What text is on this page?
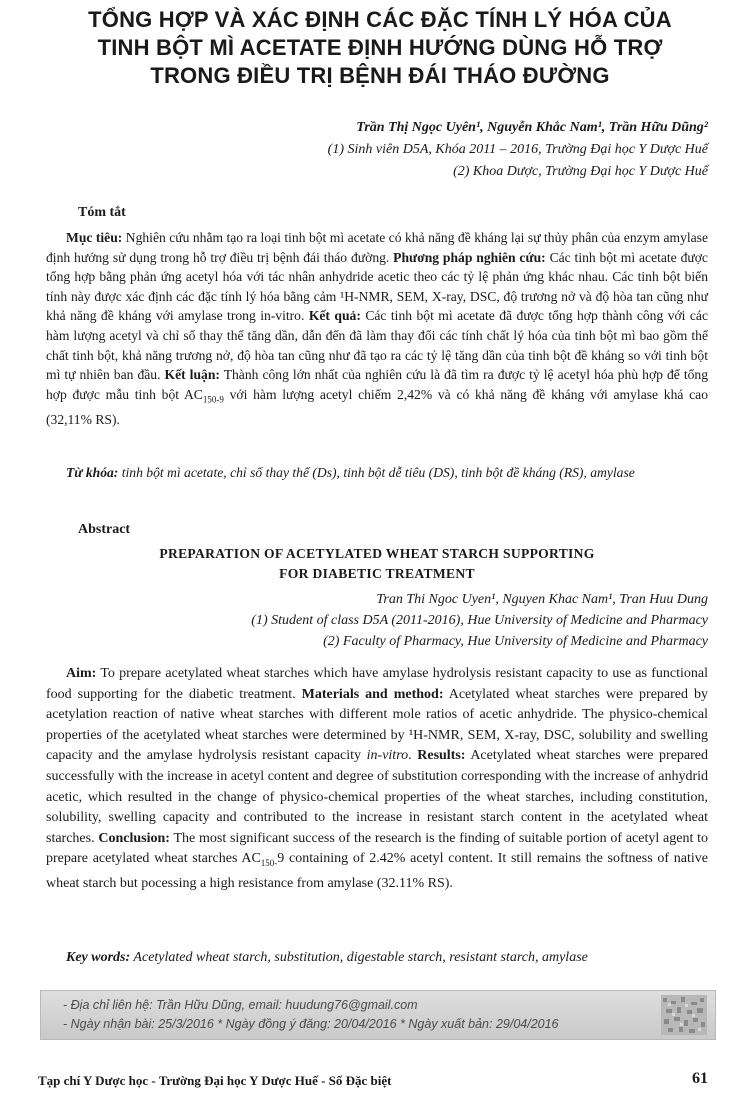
TỔNG HỢP VÀ XÁC ĐỊNH CÁC ĐẶC TÍNH LÝ HÓA CỦA
TINH BỘT MÌ ACETATE ĐỊNH HƯỚNG DÙNG HỖ TRỢ
TRONG ĐIỀU TRỊ BỆNH ĐÁI THÁO ĐƯỜNG
Trần Thị Ngọc Uyên¹, Nguyễn Khắc Nam¹, Trần Hữu Dũng²
(1) Sinh viên D5A, Khóa 2011 – 2016, Trường Đại học Y Dược Huế
(2) Khoa Dược, Trường Đại học Y Dược Huế
Tóm tắt
Mục tiêu: Nghiên cứu nhằm tạo ra loại tinh bột mì acetate có khả năng đề kháng lại sự thủy phân của enzym amylase định hướng sử dụng trong hỗ trợ điều trị bệnh đái tháo đường. Phương pháp nghiên cứu: Các tinh bột mì acetate được tổng hợp bằng phản ứng acetyl hóa với tác nhân anhydride acetic theo các tỷ lệ phản ứng khác nhau. Các tinh bột biến tính này được xác định các đặc tính lý hóa bằng cảm ¹H-NMR, SEM, X-ray, DSC, độ trương nở và độ hòa tan cũng như khả năng đề kháng với amylase trong in-vitro. Kết quả: Các tinh bột mì acetate đã được tổng hợp thành công với các hàm lượng acetyl và chỉ số thay thế tăng dần, dẫn đến đã làm thay đổi các tính chất lý hóa của tinh bột mì bao gồm thể chất tinh bột, khả năng trương nở, độ hòa tan cũng như đã tạo ra các tỷ lệ tăng dần của tinh bột đề kháng so với tinh bột mì tự nhiên ban đầu. Kết luận: Thành công lớn nhất của nghiên cứu là đã tìm ra được tỷ lệ acetyl hóa phù hợp để tổng hợp được mẫu tinh bột $AC_{150-9}$ với hàm lượng acetyl chiếm 2,42% và có khả năng đề kháng với amylase khá cao (32,11% RS).
Từ khóa: tinh bột mì acetate, chỉ số thay thế (Ds), tinh bột dễ tiêu (DS), tinh bột đề kháng (RS), amylase
Abstract
PREPARATION OF ACETYLATED WHEAT STARCH SUPPORTING
FOR DIABETIC TREATMENT
Tran Thi Ngoc Uyen¹, Nguyen Khac Nam¹, Tran Huu Dung
(1) Student of class D5A (2011-2016), Hue University of Medicine and Pharmacy
(2) Faculty of Pharmacy, Hue University of Medicine and Pharmacy
Aim: To prepare acetylated wheat starches which have amylase hydrolysis resistant capacity to use as functional food supporting for the diabetic treatment. Materials and method: Acetylated wheat starches were prepared by acetylation reaction of native wheat starches with different mole ratios of acetic anhydride. The physico-chemical properties of the acetylated wheat starches were determined by ¹H-NMR, SEM, X-ray, DSC, solubility and swelling capacity and the amylase hydrolysis resistant capacity in-vitro. Results: Acetylated wheat starches were prepared successfully with the increase in acetyl content and degree of substitution corresponding with the increase of anhydrid acetic, which resulted in the change of physico-chemical properties of the wheat starches, including constitution, solubility, swelling capacity and contributed to the increase in resistant starch content in the acetylated wheat starches. Conclusion: The most significant success of the research is the finding of suitable portion of acetyl agent to prepare acetylated wheat starches $AC_{150-}9$ containing of 2.42% acetyl content. It still remains the softness of native wheat starch but pocessing a high resistance from amylase (32.11% RS).
Key words: Acetylated wheat starch, substitution, digestable starch, resistant starch, amylase
- Địa chỉ liên hệ: Trần Hữu Dũng, email: huudung76@gmail.com
- Ngày nhận bài: 25/3/2016 * Ngày đồng ý đăng: 20/04/2016 * Ngày xuất bản: 29/04/2016
Tạp chí Y Dược học - Trường Đại học Y Dược Huế - Số Đặc biệt	61
